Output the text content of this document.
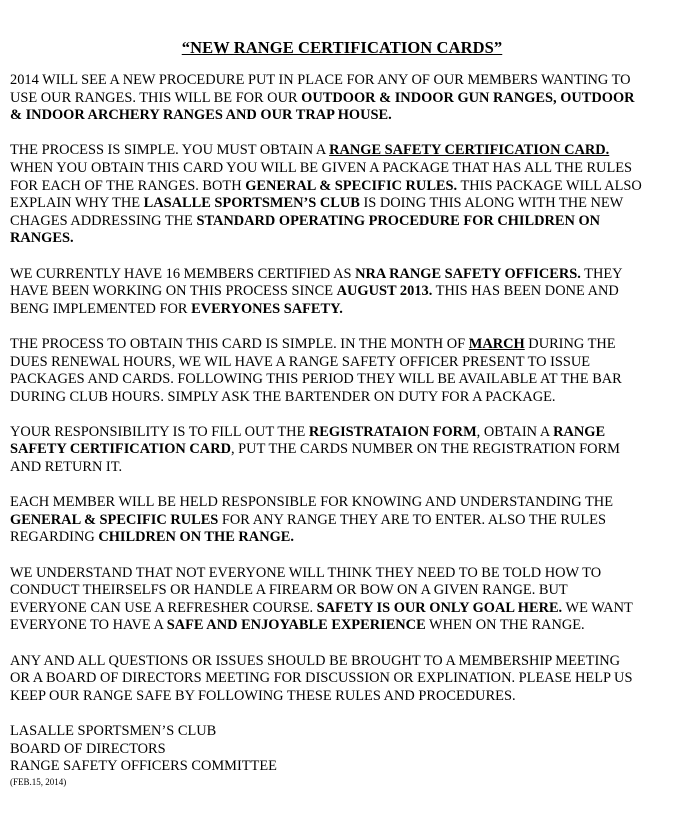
“NEW RANGE CERTIFICATION CARDS”
2014 WILL SEE A NEW PROCEDURE PUT IN PLACE FOR ANY OF OUR MEMBERS WANTING TO
USE OUR RANGES. THIS WILL BE FOR OUR OUTDOOR & INDOOR GUN RANGES, OUTDOOR
& INDOOR ARCHERY RANGES AND OUR TRAP HOUSE.
THE PROCESS IS SIMPLE. YOU MUST OBTAIN A RANGE SAFETY CERTIFICATION CARD.
WHEN YOU OBTAIN THIS CARD YOU WILL BE GIVEN A PACKAGE THAT HAS ALL THE RULES
FOR EACH OF THE RANGES. BOTH GENERAL & SPECIFIC RULES. THIS PACKAGE WILL ALSO
EXPLAIN WHY THE LASALLE SPORTSMEN’S CLUB IS DOING THIS ALONG WITH THE NEW
CHAGES ADDRESSING THE STANDARD OPERATING PROCEDURE FOR CHILDREN ON
RANGES.
WE CURRENTLY HAVE 16 MEMBERS CERTIFIED AS NRA RANGE SAFETY OFFICERS. THEY
HAVE BEEN WORKING ON THIS PROCESS SINCE AUGUST 2013. THIS HAS BEEN DONE AND
BENG IMPLEMENTED FOR EVERYONES SAFETY.
THE PROCESS TO OBTAIN THIS CARD IS SIMPLE. IN THE MONTH OF MARCH DURING THE
DUES RENEWAL HOURS, WE WIL HAVE A RANGE SAFETY OFFICER PRESENT TO ISSUE
PACKAGES AND CARDS. FOLLOWING THIS PERIOD THEY WILL BE AVAILABLE AT THE BAR
DURING CLUB HOURS. SIMPLY ASK THE BARTENDER ON DUTY FOR A PACKAGE.
YOUR RESPONSIBILITY IS TO FILL OUT THE REGISTRATAION FORM, OBTAIN A RANGE
SAFETY CERTIFICATION CARD, PUT THE CARDS NUMBER ON THE REGISTRATION FORM
AND RETURN IT.
EACH MEMBER WILL BE HELD RESPONSIBLE FOR KNOWING AND UNDERSTANDING THE
GENERAL & SPECIFIC RULES FOR ANY RANGE THEY ARE TO ENTER. ALSO THE RULES
REGARDING CHILDREN ON THE RANGE.
WE UNDERSTAND THAT NOT EVERYONE WILL THINK THEY NEED TO BE TOLD HOW TO
CONDUCT THEIRSELFS OR HANDLE A FIREARM OR BOW ON A GIVEN RANGE. BUT
EVERYONE CAN USE A REFRESHER COURSE. SAFETY IS OUR ONLY GOAL HERE. WE WANT
EVERYONE TO HAVE A SAFE AND ENJOYABLE EXPERIENCE WHEN ON THE RANGE.
ANY AND ALL QUESTIONS OR ISSUES SHOULD BE BROUGHT TO A MEMBERSHIP MEETING
OR A BOARD OF DIRECTORS MEETING FOR DISCUSSION OR EXPLINATION. PLEASE HELP US
KEEP OUR RANGE SAFE BY FOLLOWING THESE RULES AND PROCEDURES.
LASALLE SPORTSMEN’S CLUB
BOARD OF DIRECTORS
RANGE SAFETY OFFICERS COMMITTEE
(FEB.15, 2014)
